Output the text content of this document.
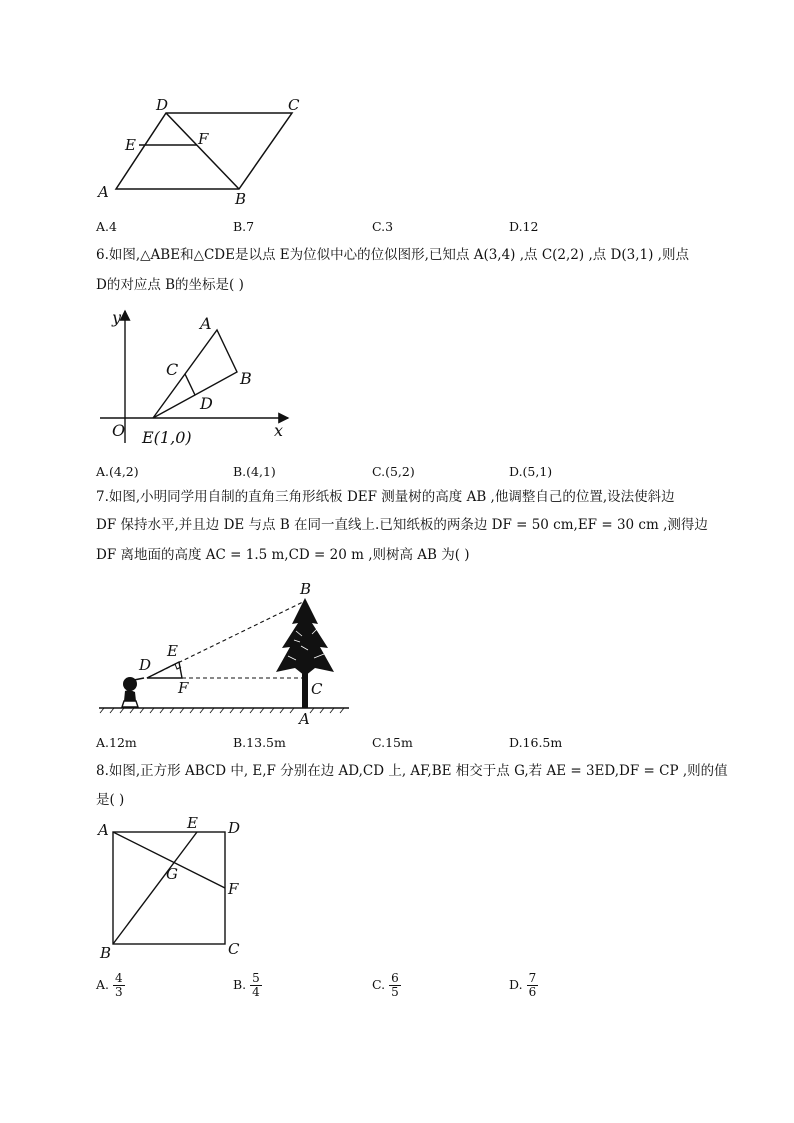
D	C
E	F
A	B
A.4	B.7	C.3	D.12
6.如图,△ABE和△CDE是以点 E为位似中心的位似图形,已知点 A(3,4) ,点 C(2,2) ,点 D(3,1) ,则点
D的对应点 B的坐标是( )
y
x
O E(1,0)
A
B
C
D
A.(4,2)	B.(4,1)	C.(5,2)	D.(5,1)
7.如图,小明同学用自制的直角三角形纸板 DEF 测量树的高度 AB ,他调整自己的位置,设法使斜边
DF 保持水平,并且边 DE 与点 B 在同一直线上.已知纸板的两条边 DF = 50 cm,EF = 30 cm ,测得边
DF 离地面的高度 AC = 1.5 m,CD = 20 m ,则树高 AB 为( )
B
E
D
F	C
A
A.12m	B.13.5m	C.15m	D.16.5m
8.如图,正方形 ABCD 中, E,F 分别在边 AD,CD 上, AF,BE 相交于点 G,若 AE = 3ED,DF = CP ,则的值
是( )
A	E D
G
F
B	C
A. $\frac{4}{3}$	B. $\frac{5}{4}$	C. $\frac{6}{5}$	D. $\frac{7}{6}$
